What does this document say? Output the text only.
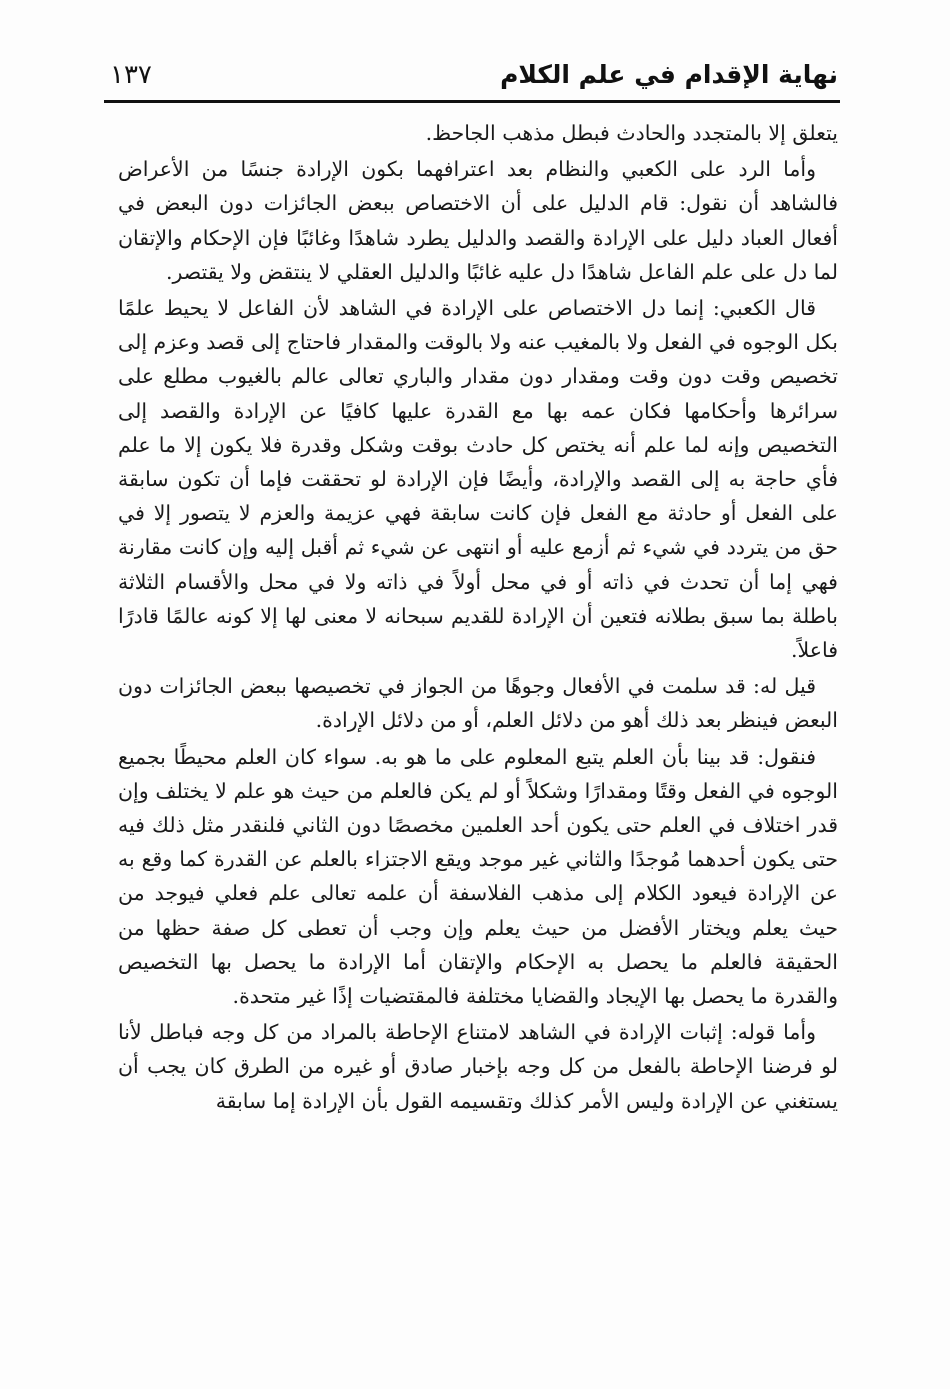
نهاية الإقدام في علم الكلام
١٣٧

يتعلق إلا بالمتجدد والحادث فبطل مذهب الجاحظ.

وأما الرد على الكعبي والنظام بعد اعترافهما بكون الإرادة جنسًا من الأعراض فالشاهد أن نقول: قام الدليل على أن الاختصاص ببعض الجائزات دون البعض في أفعال العباد دليل على الإرادة والقصد والدليل يطرد شاهدًا وغائبًا فإن الإحكام والإتقان لما دل على علم الفاعل شاهدًا دل عليه غائبًا والدليل العقلي لا ينتقض ولا يقتصر.

قال الكعبي: إنما دل الاختصاص على الإرادة في الشاهد لأن الفاعل لا يحيط علمًا بكل الوجوه في الفعل ولا بالمغيب عنه ولا بالوقت والمقدار فاحتاج إلى قصد وعزم إلى تخصيص وقت دون وقت ومقدار دون مقدار والباري تعالى عالم بالغيوب مطلع على سرائرها وأحكامها فكان عمه بها مع القدرة عليها كافيًا عن الإرادة والقصد إلى التخصيص وإنه لما علم أنه يختص كل حادث بوقت وشكل وقدرة فلا يكون إلا ما علم فأي حاجة به إلى القصد والإرادة، وأيضًا فإن الإرادة لو تحققت فإما أن تكون سابقة على الفعل أو حادثة مع الفعل فإن كانت سابقة فهي عزيمة والعزم لا يتصور إلا في حق من يتردد في شيء ثم أزمع عليه أو انتهى عن شيء ثم أقبل إليه وإن كانت مقارنة فهي إما أن تحدث في ذاته أو في محل أولاً في ذاته ولا في محل والأقسام الثلاثة باطلة بما سبق بطلانه فتعين أن الإرادة للقديم سبحانه لا معنى لها إلا كونه عالمًا قادرًا فاعلاً.

قيل له: قد سلمت في الأفعال وجوهًا من الجواز في تخصيصها ببعض الجائزات دون البعض فينظر بعد ذلك أهو من دلائل العلم، أو من دلائل الإرادة.

فنقول: قد بينا بأن العلم يتبع المعلوم على ما هو به. سواء كان العلم محيطًا بجميع الوجوه في الفعل وقتًا ومقدارًا وشكلاً أو لم يكن فالعلم من حيث هو علم لا يختلف وإن قدر اختلاف في العلم حتى يكون أحد العلمين مخصصًا دون الثاني فلنقدر مثل ذلك فيه حتى يكون أحدهما مُوجدًا والثاني غير موجد ويقع الاجتزاء بالعلم عن القدرة كما وقع به عن الإرادة فيعود الكلام إلى مذهب الفلاسفة أن علمه تعالى علم فعلي فيوجد من حيث يعلم ويختار الأفضل من حيث يعلم وإن وجب أن تعطى كل صفة حظها من الحقيقة فالعلم ما يحصل به الإحكام والإتقان أما الإرادة ما يحصل بها التخصيص والقدرة ما يحصل بها الإيجاد والقضايا مختلفة فالمقتضيات إذًا غير متحدة.

وأما قوله: إثبات الإرادة في الشاهد لامتناع الإحاطة بالمراد من كل وجه فباطل لأنا لو فرضنا الإحاطة بالفعل من كل وجه بإخبار صادق أو غيره من الطرق كان يجب أن يستغني عن الإرادة وليس الأمر كذلك وتقسيمه القول بأن الإرادة إما سابقة
